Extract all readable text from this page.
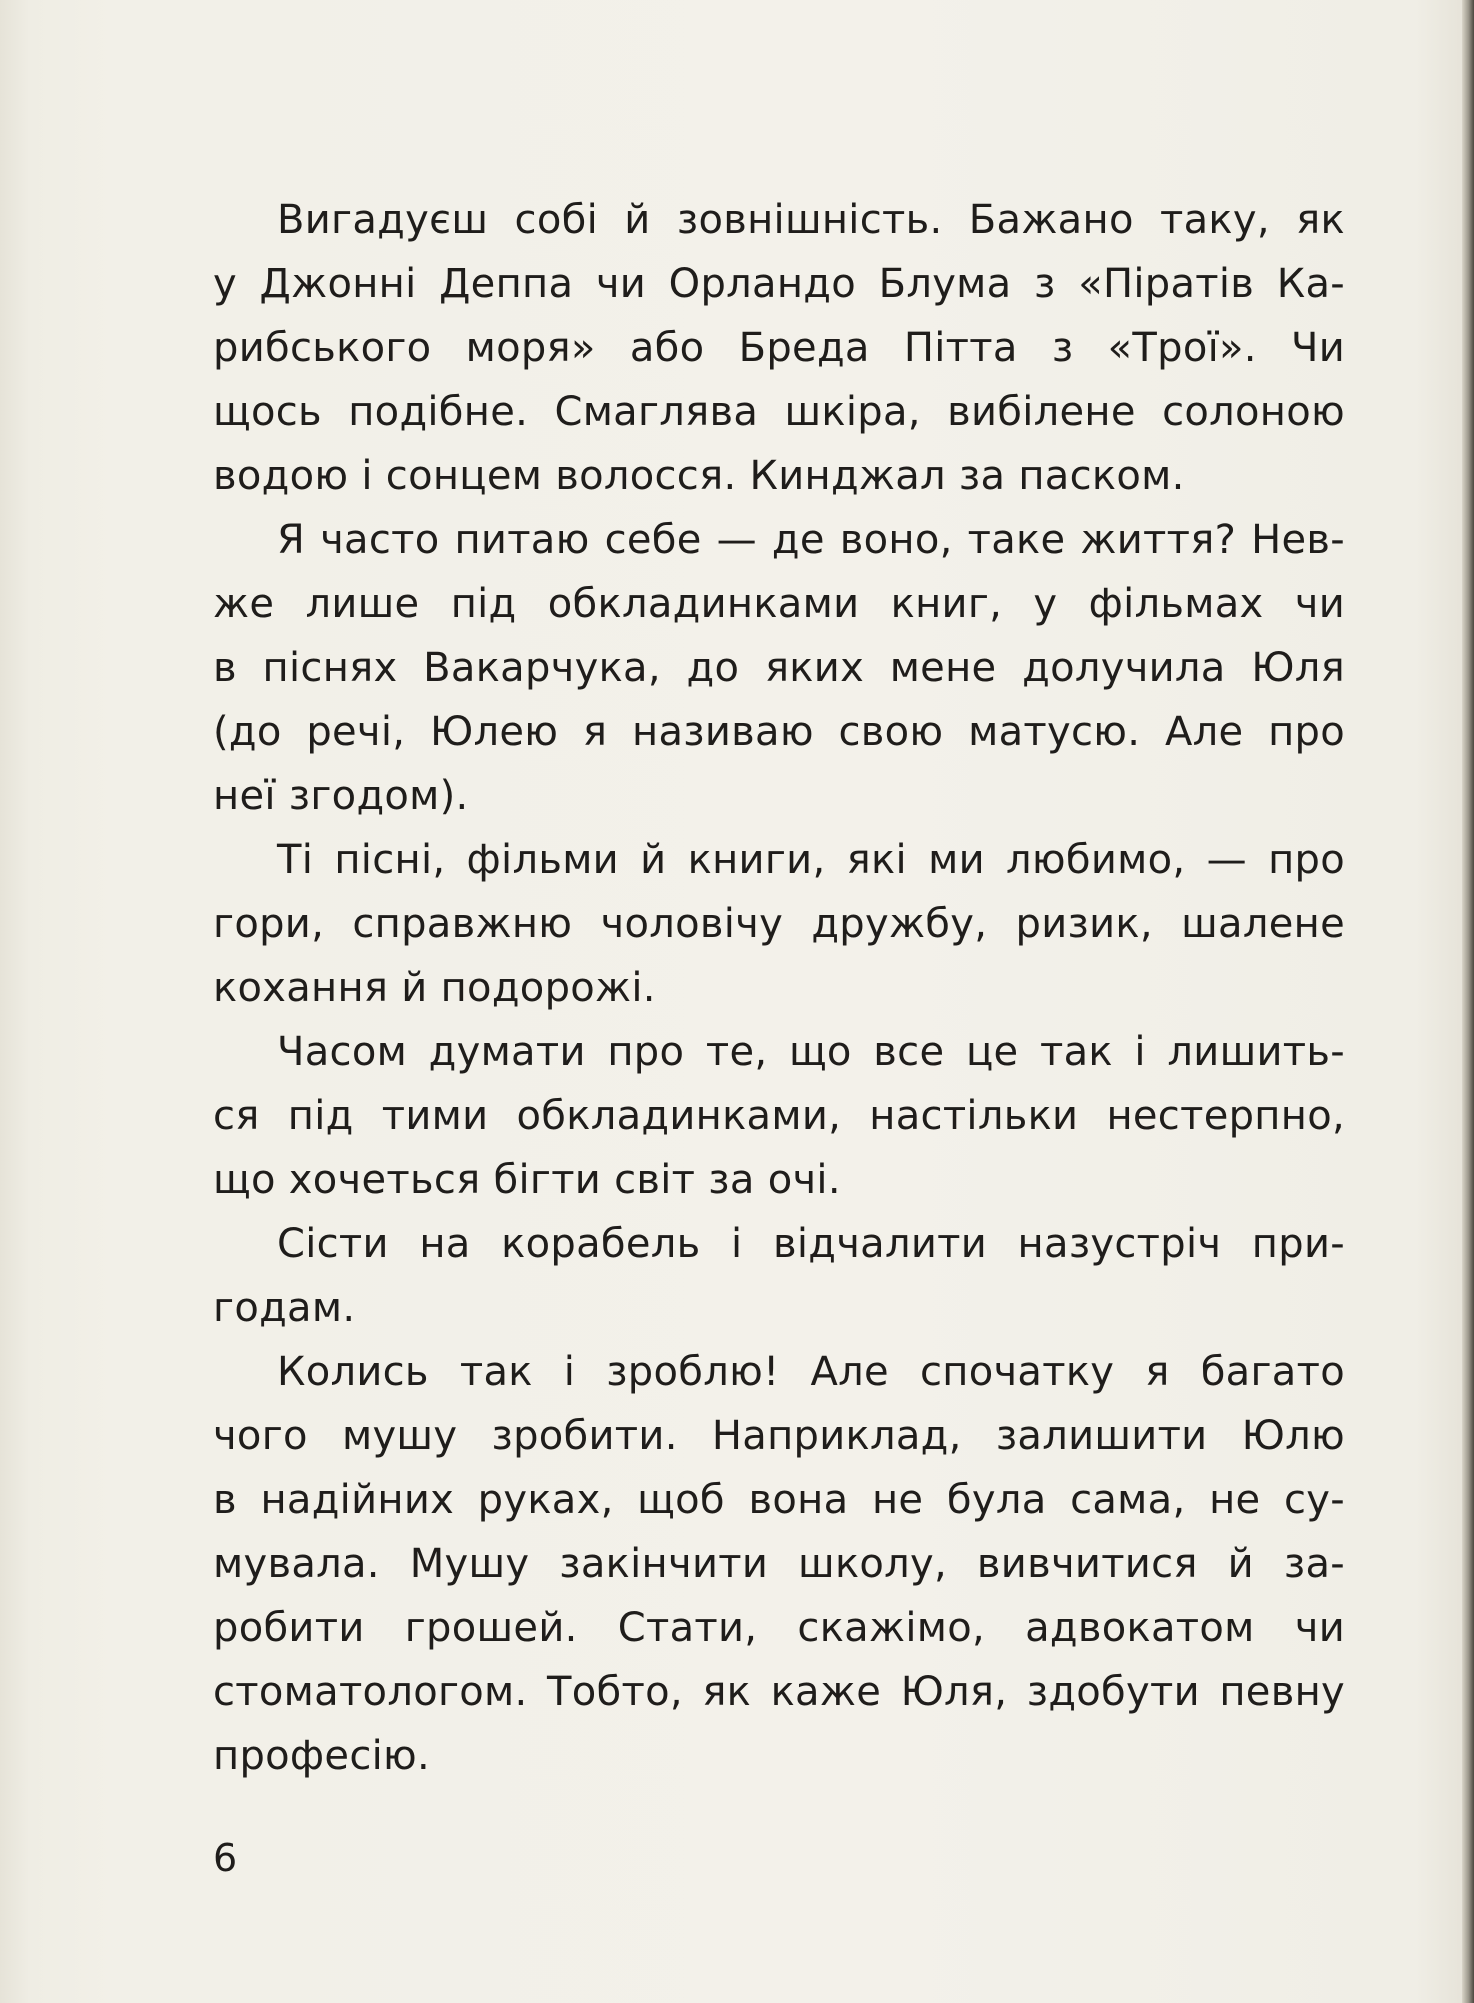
Вигадуєш собі й зовнішність. Бажано таку, як
у Джонні Деппа чи Орландо Блума з «Піратів Ка-
рибського моря» або Бреда Пітта з «Трої». Чи
щось подібне. Смаглява шкіра, вибілене солоною
водою і сонцем волосся. Кинджал за паском.

Я часто питаю себе — де воно, таке життя? Нев-
же лише під обкладинками книг, у фільмах чи
в піснях Вакарчука, до яких мене долучила Юля
(до речі, Юлею я називаю свою матусю. Але про
неї згодом).

Ті пісні, фільми й книги, які ми любимо, — про
гори, справжню чоловічу дружбу, ризик, шалене
кохання й подорожі.

Часом думати про те, що все це так і лишить-
ся під тими обкладинками, настільки нестерпно,
що хочеться бігти світ за очі.

Сісти на корабель і відчалити назустріч при-
годам.

Колись так і зроблю! Але спочатку я багато
чого мушу зробити. Наприклад, залишити Юлю
в надійних руках, щоб вона не була сама, не су-
мувала. Мушу закінчити школу, вивчитися й за-
робити грошей. Стати, скажімо, адвокатом чи
стоматологом. Тобто, як каже Юля, здобути певну
професію.

6
